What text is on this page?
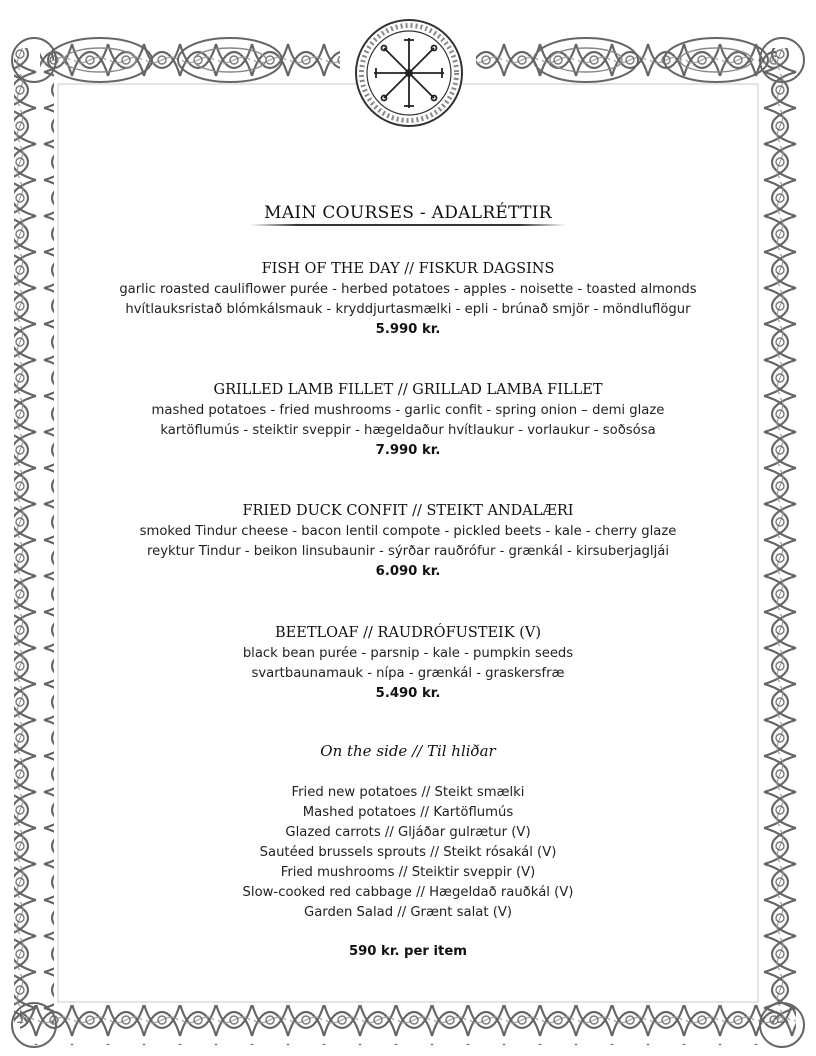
MAIN COURSES - ADALRÉTTIR
FISH OF THE DAY // FISKUR DAGSINS
garlic roasted cauliflower purée - herbed potatoes - apples - noisette - toasted almonds
hvítlauksristað blómkálsmauk - kryddjurtasmælki - epli - brúnað smjör - möndluflögur
5.990 kr.
GRILLED LAMB FILLET // GRILLAD LAMBA FILLET
mashed potatoes - fried mushrooms - garlic confit - spring onion – demi glaze
kartöflumús - steiktir sveppir - hægeldaður hvítlaukur - vorlaukur - soðsósa
7.990 kr.
FRIED DUCK CONFIT // STEIKT ANDALÆRI
smoked Tindur cheese - bacon lentil compote - pickled beets - kale - cherry glaze
reyktur Tindur - beikon linsubaunir - sýrðar rauðrófur - grænkál - kirsuberjagljái
6.090 kr.
BEETLOAF // RAUDRÓFUSTEIK (V)
black bean purée - parsnip - kale - pumpkin seeds
svartbaunamauk - nípa - grænkál - graskersfræ
5.490 kr.
On the side // Til hliðar
Fried new potatoes // Steikt smælki
Mashed potatoes // Kartöflumús
Glazed carrots // Gljáðar gulrætur (V)
Sautéed brussels sprouts // Steikt rósakál (V)
Fried mushrooms // Steiktir sveppir (V)
Slow-cooked red cabbage // Hægeldað rauðkál (V)
Garden Salad // Grænt salat (V)
590 kr. per item
